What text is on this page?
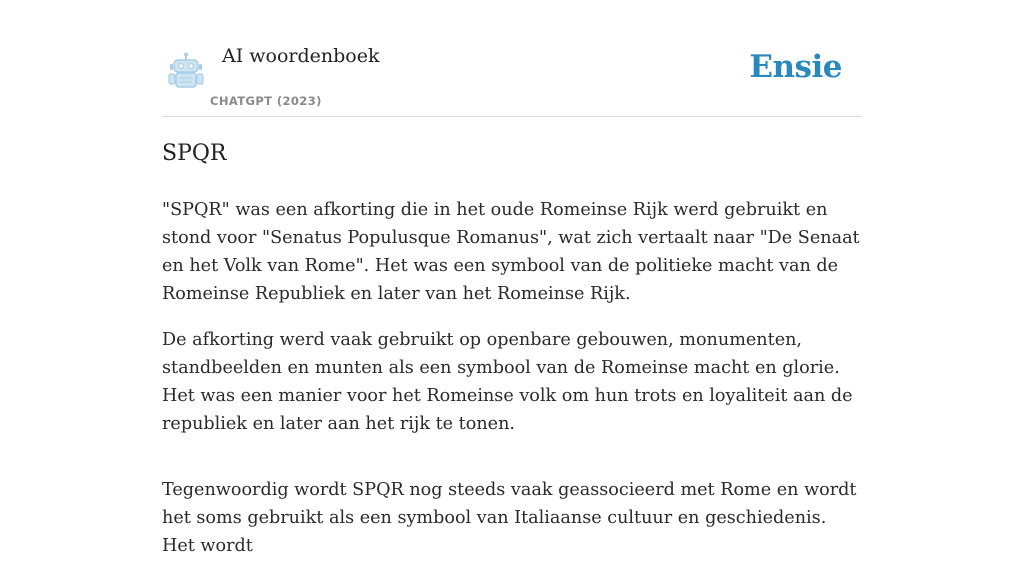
AI woordenboek
CHATGPT (2023)
Ensie
SPQR

"SPQR" was een afkorting die in het oude Romeinse Rijk werd gebruikt en stond voor "Senatus Populusque Romanus", wat zich vertaalt naar "De Senaat en het Volk van Rome". Het was een symbool van de politieke macht van de Romeinse Republiek en later van het Romeinse Rijk.

De afkorting werd vaak gebruikt op openbare gebouwen, monumenten, standbeelden en munten als een symbool van de Romeinse macht en glorie. Het was een manier voor het Romeinse volk om hun trots en loyaliteit aan de republiek en later aan het rijk te tonen.

Tegenwoordig wordt SPQR nog steeds vaak geassocieerd met Rome en wordt het soms gebruikt als een symbool van Italiaanse cultuur en geschiedenis. Het wordt
